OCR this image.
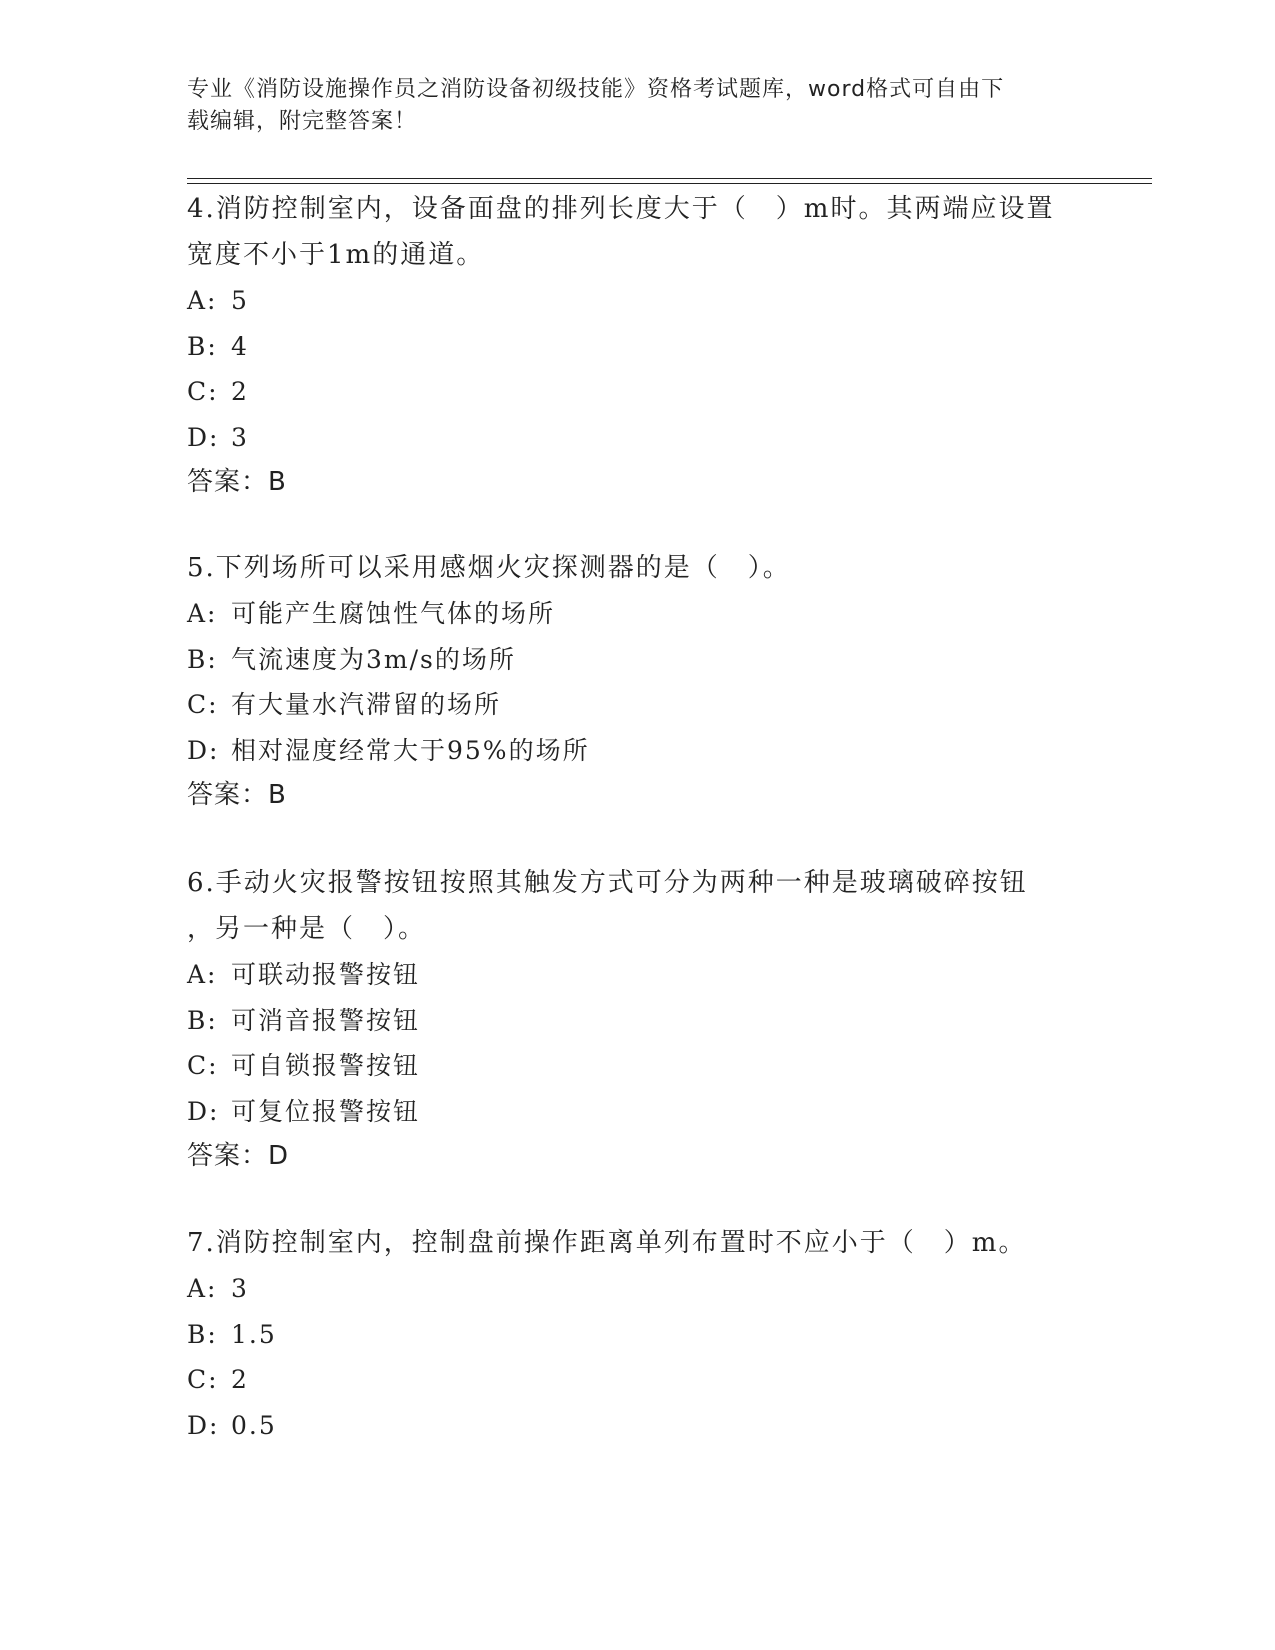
专业《消防设施操作员之消防设备初级技能》资格考试题库，word格式可自由下
载编辑，附完整答案！

4.消防控制室内，设备面盘的排列长度大于（　）m时。其两端应设置

宽度不小于1m的通道。

A: 5

B: 4

C: 2

D: 3

答案：B

5.下列场所可以采用感烟火灾探测器的是（　）。

A: 可能产生腐蚀性气体的场所

B: 气流速度为3m/s的场所

C: 有大量水汽滞留的场所

D: 相对湿度经常大于95%的场所

答案：B

6.手动火灾报警按钮按照其触发方式可分为两种一种是玻璃破碎按钮

，另一种是（　）。

A: 可联动报警按钮

B: 可消音报警按钮

C: 可自锁报警按钮

D: 可复位报警按钮

答案：D

7.消防控制室内，控制盘前操作距离单列布置时不应小于（　）m。

A: 3

B: 1.5

C: 2

D: 0.5
